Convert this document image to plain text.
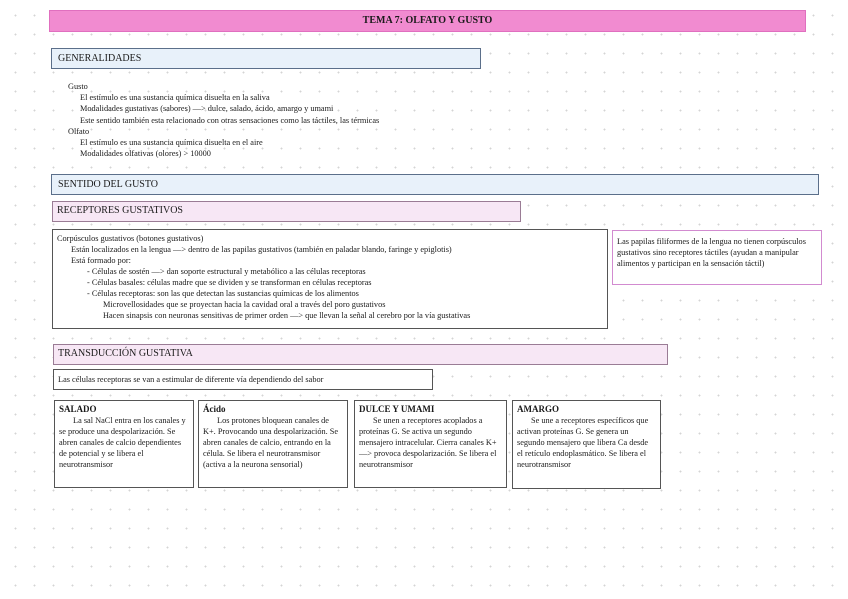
TEMA 7: OLFATO Y GUSTO
GENERALIDADES
Gusto
El estímulo es una sustancia química disuelta en la saliva
Modalidades gustativas (sabores) —> dulce, salado, ácido, amargo y umami
Este sentido también esta relacionado con otras sensaciones como las táctiles, las térmicas
Olfato
El estímulo es una sustancia química disuelta en el aire
Modalidades olfativas (olores) > 10000
SENTIDO DEL GUSTO
RECEPTORES GUSTATIVOS
Corpúsculos gustativos (botones gustativos)
Están localizados en la lengua —> dentro de las papilas gustativos (también en paladar blando, faringe y epiglotis)
Está formado por:
- Células de sostén —> dan soporte estructural y metabólico a las células receptoras
- Células basales: células madre que se dividen y se transforman en células receptoras
- Células receptoras: son las que detectan las sustancias químicas de los alimentos
Microvellosidades que se proyectan hacia la cavidad oral a través del poro gustativos
Hacen sinapsis con neuronas sensitivas de primer orden —> que llevan la señal al cerebro por la vía gustativas
Las papilas filiformes de la lengua no tienen corpúsculos gustativos sino receptores táctiles (ayudan a manipular alimentos y participan en la sensación táctil)
TRANSDUCCIÓN GUSTATIVA
Las células receptoras se van a estimular de diferente vía dependiendo del sabor
SALADO

La sal NaCl entra en los canales y se produce una despolarización. Se abren canales de calcio dependientes de potencial y se libera el neurotransmisor

Ácido

Los protones bloquean canales de K+. Provocando una despolarización. Se abren canales de calcio, entrando en la célula. Se libera el neurotransmisor (activa a la neurona sensorial)

DULCE Y UMAMI

Se unen a receptores acoplados a proteínas G. Se activa un segundo mensajero intracelular. Cierra canales K+ —> provoca despolarización. Se libera el neurotransmisor

AMARGO

Se une a receptores específicos que activan proteínas G. Se genera un segundo mensajero que libera Ca desde el retículo endoplasmático. Se libera el neurotransmisor
